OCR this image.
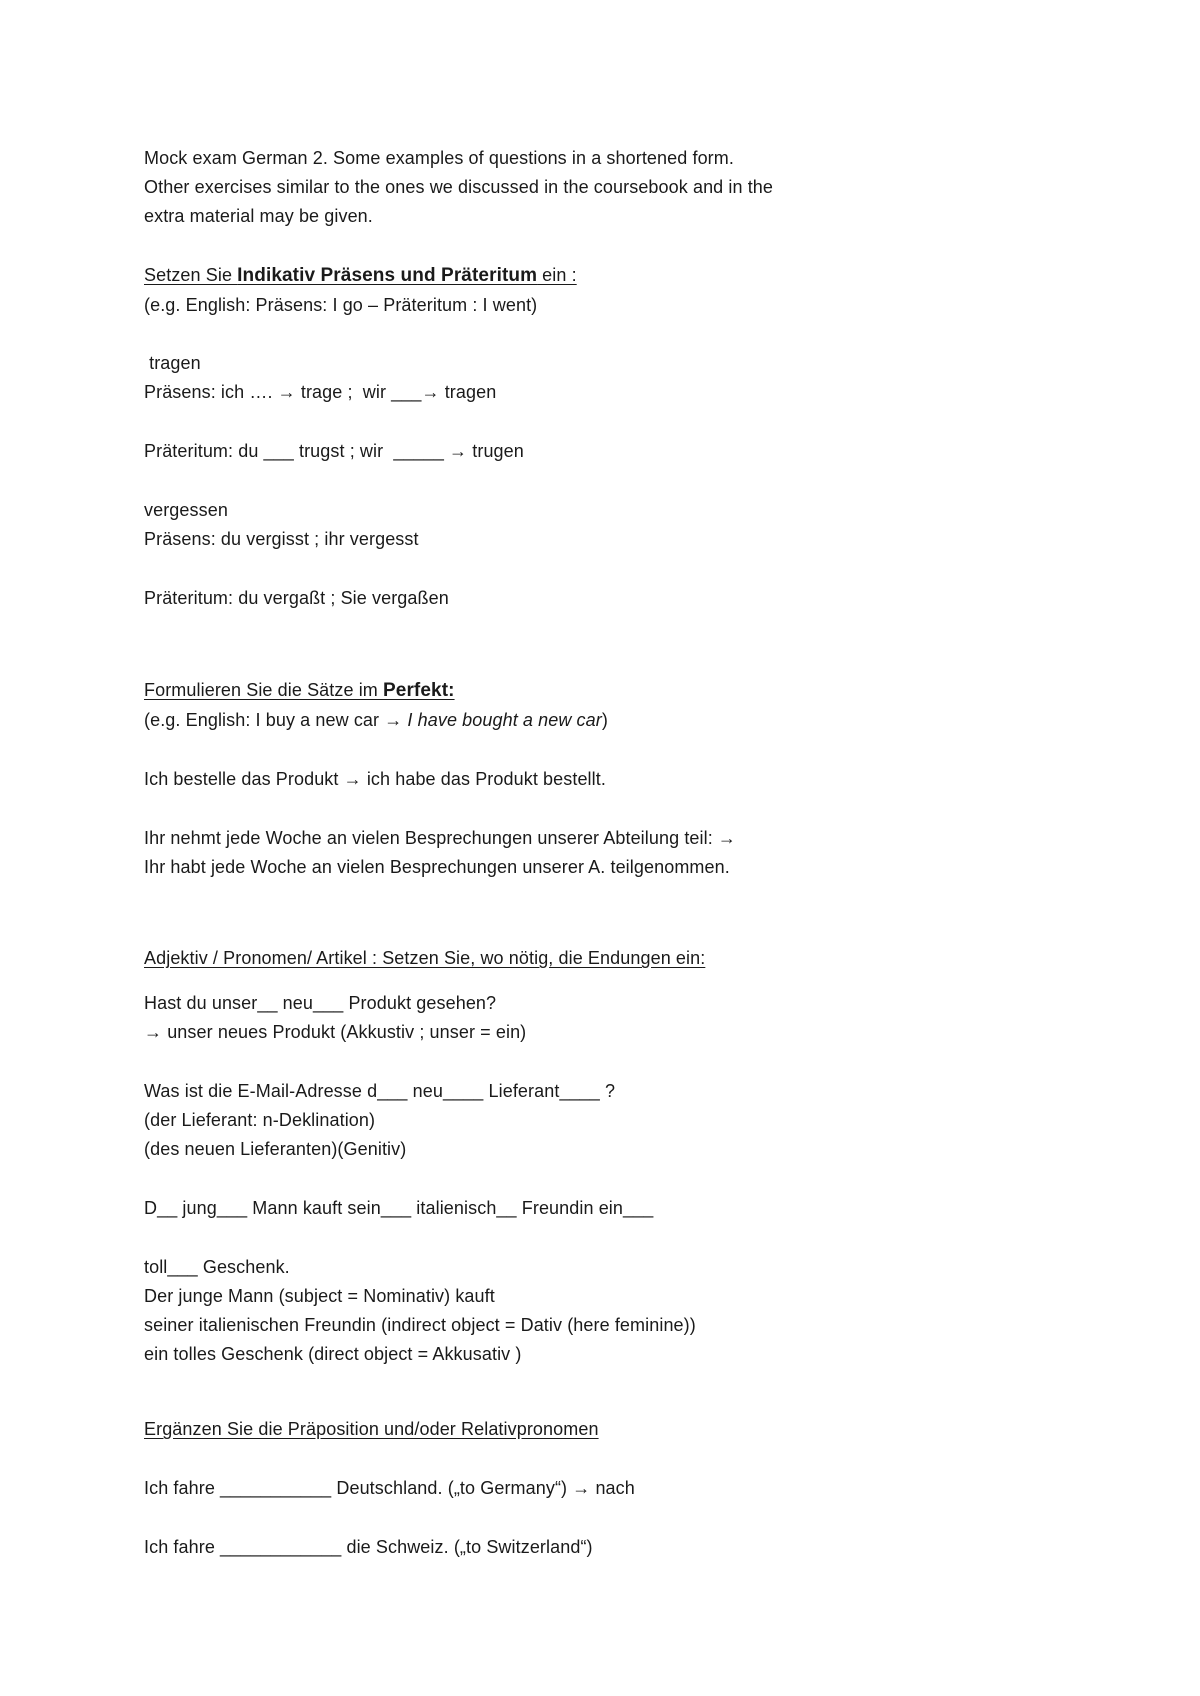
Mock exam German 2. Some examples of questions in a shortened form.

Other exercises similar to the ones we discussed in the coursebook and in the

extra material may be given.

Setzen Sie Indikativ Präsens und Präteritum ein :

(e.g. English: Präsens: I go – Präteritum : I went)

tragen

Präsens: ich …. → trage ;  wir ___→ tragen

Präteritum: du ___ trugst ; wir  _____ → trugen

vergessen

Präsens: du vergisst ; ihr vergesst

Präteritum: du vergaßt ; Sie vergaßen

Formulieren Sie die Sätze im Perfekt:

(e.g. English: I buy a new car → I have bought a new car)

Ich bestelle das Produkt → ich habe das Produkt bestellt.

Ihr nehmt jede Woche an vielen Besprechungen unserer Abteilung teil: →

Ihr habt jede Woche an vielen Besprechungen unserer A. teilgenommen.

Adjektiv / Pronomen/ Artikel : Setzen Sie, wo nötig, die Endungen ein:

Hast du unser__ neu___ Produkt gesehen?

→ unser neues Produkt (Akkustiv ; unser = ein)

Was ist die E-Mail-Adresse d___ neu____ Lieferant____ ?

(der Lieferant: n-Deklination)

(des neuen Lieferanten)(Genitiv)

D__ jung___ Mann kauft sein___ italienisch__ Freundin ein___

toll___ Geschenk.

Der junge Mann (subject = Nominativ) kauft

seiner italienischen Freundin (indirect object = Dativ (here feminine))

ein tolles Geschenk (direct object = Akkusativ )

Ergänzen Sie die Präposition und/oder Relativpronomen

Ich fahre ___________ Deutschland. („to Germany“) → nach

Ich fahre ____________ die Schweiz. („to Switzerland“)
